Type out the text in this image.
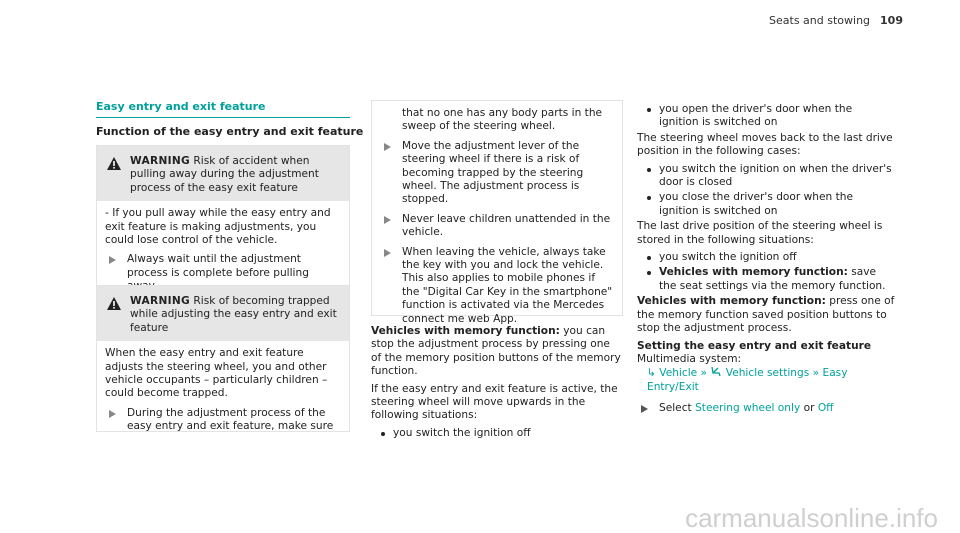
Seats and stowing 109
Easy entry and exit feature
Function of the easy entry and exit feature
WARNING Risk of accident when pulling away during the adjustment process of the easy exit feature
- If you pull away while the easy entry and exit feature is making adjustments, you could lose control of the vehicle.
Always wait until the adjustment process is complete before pulling
WARNING Risk of becoming trapped while adjusting the easy entry and exit feature
When the easy entry and exit feature adjusts the steering wheel, you and other vehicle occupants – particularly children – could become trapped.
During the adjustment process of the easy entry and exit feature, make sure
that no one has any body parts in the sweep of the steering wheel.
Move the adjustment lever of the steering wheel if there is a risk of becoming trapped by the steering wheel. The adjustment process is stopped.
Never leave children unattended in the vehicle.
When leaving the vehicle, always take the key with you and lock the vehicle. This also applies to mobile phones if the "Digital Car Key in the smartphone" function is activated via the Mercedes connect me web App.
Vehicles with memory function: you can stop the adjustment process by pressing one of the memory position buttons of the memory function.
If the easy entry and exit feature is active, the steering wheel will move upwards in the following situations:
you switch the ignition off
you open the driver's door when the ignition is switched on
The steering wheel moves back to the last drive position in the following cases:
you switch the ignition on when the driver's door is closed
you close the driver's door when the ignition is switched on
The last drive position of the steering wheel is stored in the following situations:
you switch the ignition off
Vehicles with memory function: save the seat settings via the memory function.
Vehicles with memory function: press one of the memory function saved position buttons to stop the adjustment process.
Setting the easy entry and exit feature
Multimedia system:
↳ Vehicle » Vehicle settings » Easy Entry/Exit
Select Steering wheel only or Off
carmanualsonline.info
